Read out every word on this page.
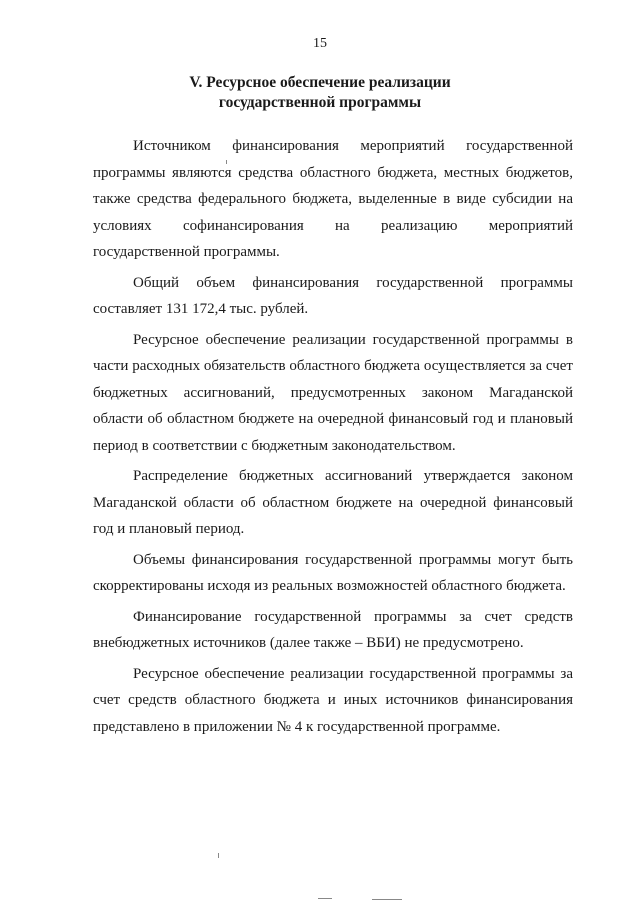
15
V. Ресурсное обеспечение реализации
государственной программы

Источником финансирования мероприятий государственной программы являются средства областного бюджета, местных бюджетов, также средства федерального бюджета, выделенные в виде субсидии на условиях софинансирования на реализацию мероприятий государственной программы.

Общий объем финансирования государственной программы составляет 131 172,4 тыс. рублей.

Ресурсное обеспечение реализации государственной программы в части расходных обязательств областного бюджета осуществляется за счет бюджетных ассигнований, предусмотренных законом Магаданской области об областном бюджете на очередной финансовый год и плановый период в соответствии с бюджетным законодательством.

Распределение бюджетных ассигнований утверждается законом Магаданской области об областном бюджете на очередной финансовый год и плановый период.

Объемы финансирования государственной программы могут быть скорректированы исходя из реальных возможностей областного бюджета.

Финансирование государственной программы за счет средств внебюджетных источников (далее также – ВБИ) не предусмотрено.

Ресурсное обеспечение реализации государственной программы за счет средств областного бюджета и иных источников финансирования представлено в приложении № 4 к государственной программе.
